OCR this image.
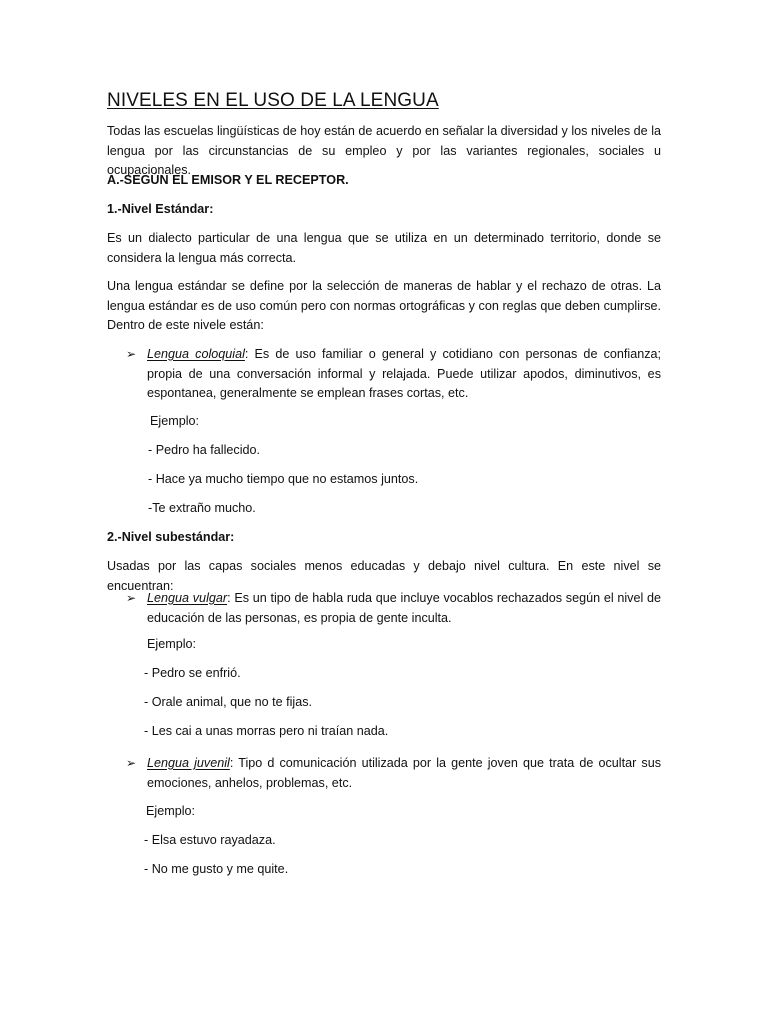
NIVELES EN EL USO DE LA LENGUA

Todas las escuelas lingüísticas de hoy están de acuerdo en señalar la diversidad y los niveles de la lengua por las circunstancias de su empleo y por las variantes regionales, sociales u ocupacionales.

A.-SEGÚN EL EMISOR Y EL RECEPTOR.

1.-Nivel Estándar:

Es un dialecto particular de una lengua que se utiliza en un determinado territorio, donde se considera la lengua más correcta.

Una lengua estándar se define por la selección de maneras de hablar y el rechazo de otras. La lengua estándar es de uso común pero con normas ortográficas y con reglas que deben cumplirse. Dentro de este nivele están:

➢ Lengua coloquial: Es de uso familiar o general y cotidiano con personas de confianza; propia de una conversación informal y relajada. Puede utilizar apodos, diminutivos, es espontanea, generalmente se emplean frases cortas, etc.

Ejemplo:
- Pedro ha fallecido.
- Hace ya mucho tiempo que no estamos juntos.
-Te extraño mucho.

2.-Nivel subestándar:

Usadas por las capas sociales menos educadas y debajo nivel cultura. En este nivel se encuentran:

➢ Lengua vulgar: Es un tipo de habla ruda que incluye vocablos rechazados según el nivel de educación de las personas, es propia de gente inculta.

Ejemplo:
- Pedro se enfrió.
- Orale animal, que no te fijas.
- Les cai a unas morras pero ni traían nada.
➢ Lengua juvenil: Tipo d comunicación utilizada por la gente joven que trata de ocultar sus emociones, anhelos, problemas, etc.

Ejemplo:
- Elsa estuvo rayadaza.
- No me gusto y me quite.
